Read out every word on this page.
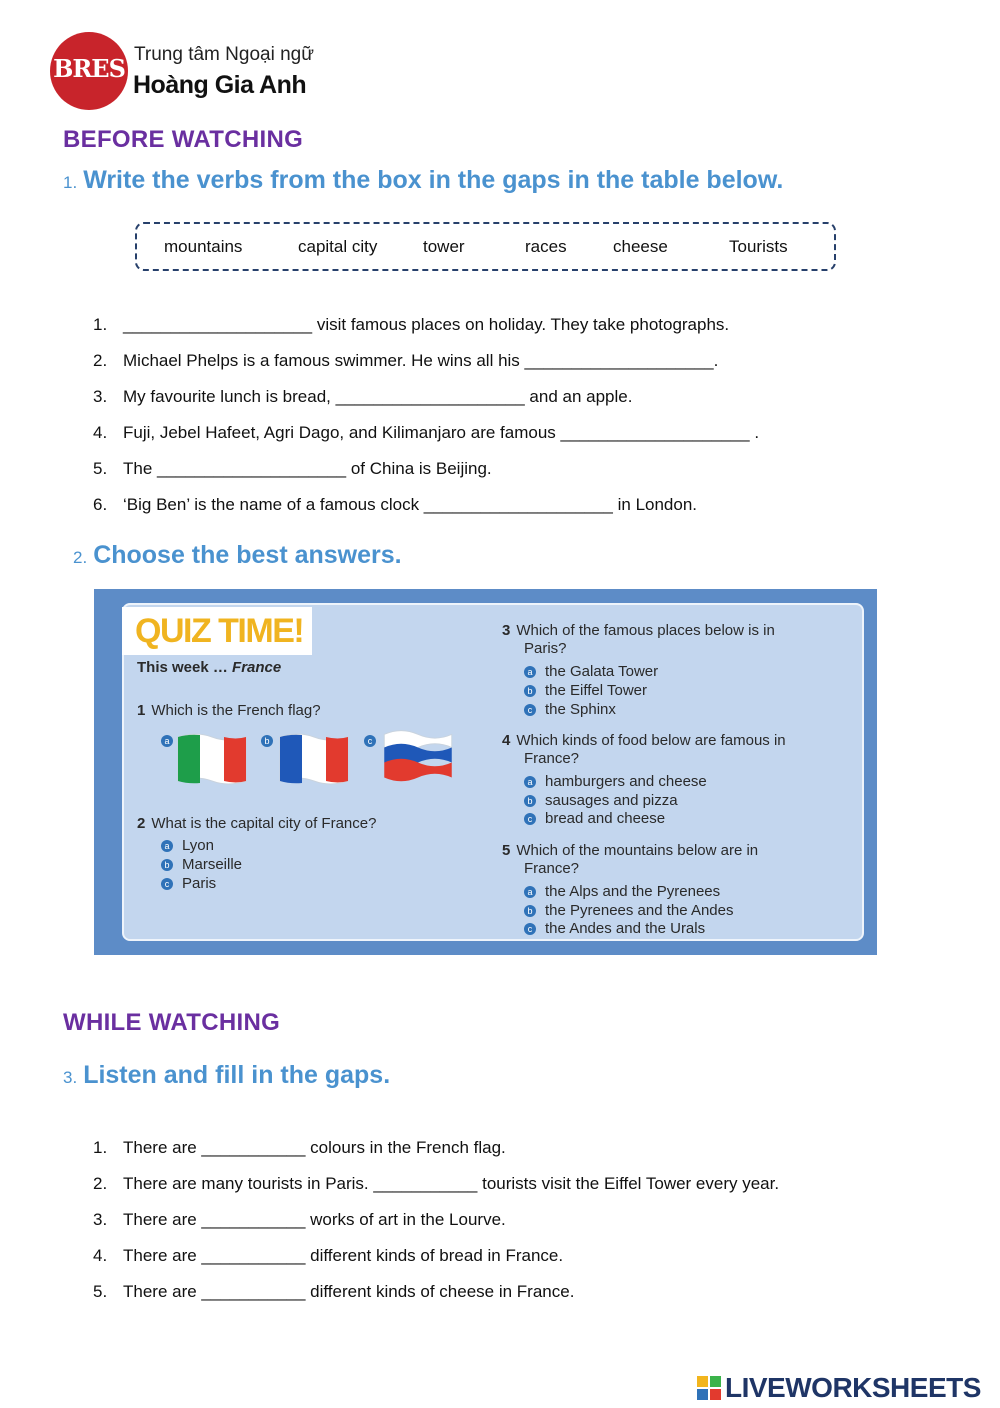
BRES Trung tâm Ngoại ngữ
Hoàng Gia Anh
BEFORE WATCHING
1. Write the verbs from the box in the gaps in the table below.
mountains	capital city	tower	races	cheese	Tourists
1. ____________________ visit famous places on holiday. They take photographs.
2. Michael Phelps is a famous swimmer. He wins all his ____________________.
3. My favourite lunch is bread, ____________________ and an apple.
4. Fuji, Jebel Hafeet, Agri Dago, and Kilimanjaro are famous ____________________ .
5. The ____________________ of China is Beijing.
6. ‘Big Ben’ is the name of a famous clock ____________________ in London.
2. Choose the best answers.
QUIZ TIME!
This week … France
1 Which is the French flag?
a	b	c
2 What is the capital city of France?
a Lyon
b Marseille
c Paris
3 Which of the famous places below is in
Paris?
a the Galata Tower
b the Eiffel Tower
c the Sphinx
4 Which kinds of food below are famous in
France?
a hamburgers and cheese
b sausages and pizza
c bread and cheese
5 Which of the mountains below are in
France?
a the Alps and the Pyrenees
b the Pyrenees and the Andes
c the Andes and the Urals
WHILE WATCHING
3. Listen and fill in the gaps.
1. There are ___________ colours in the French flag.
2. There are many tourists in Paris. ___________ tourists visit the Eiffel Tower every year.
3. There are ___________ works of art in the Lourve.
4. There are ___________ different kinds of bread in France.
5. There are ___________ different kinds of cheese in France.
LIVEWORKSHEETS
